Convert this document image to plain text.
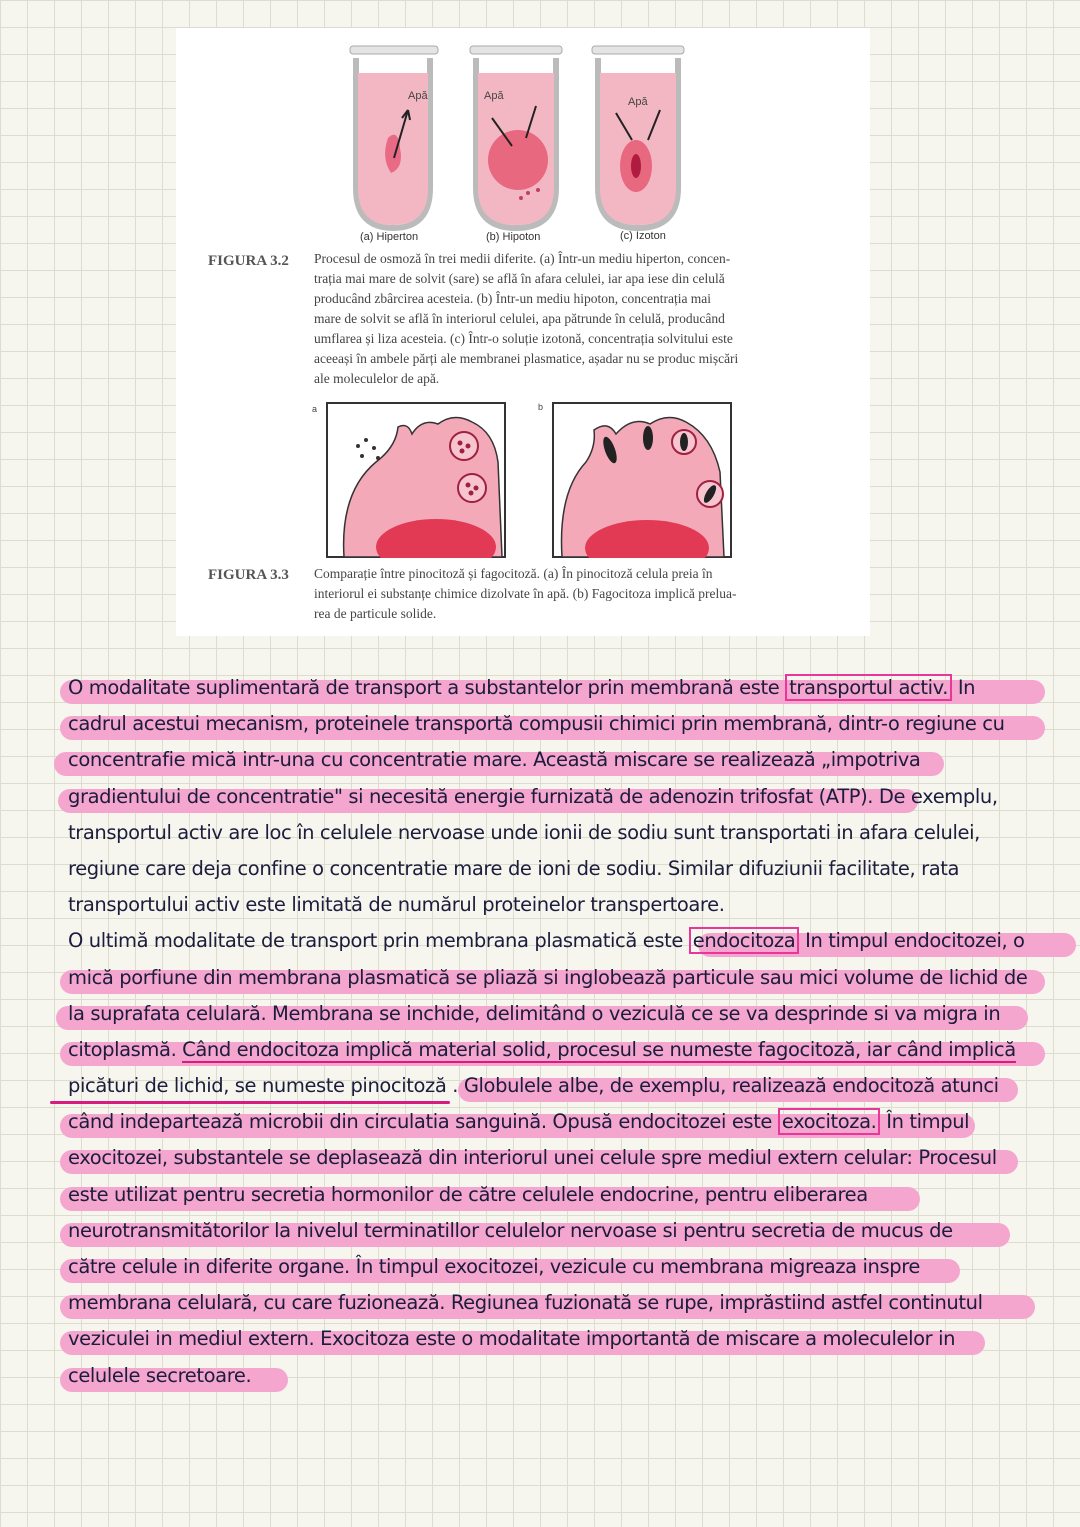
Apă	Apă	Apă
(a) Hiperton	(b) Hipoton	(c) Izoton
FIGURA 3.2 Procesul de osmoză în trei medii diferite. (a) Într-un mediu hiperton, concen-
trația mai mare de solvit (sare) se află în afara celulei, iar apa iese din celulă
producând zbârcirea acesteia. (b) Într-un mediu hipoton, concentrația mai
mare de solvit se află în interiorul celulei, apa pătrunde în celulă, producând
umflarea și liza acesteia. (c) Într-o soluție izotonă, concentrația solvitului este
aceeași în ambele părți ale membranei plasmatice, așadar nu se produc mișcări
ale moleculelor de apă.
a	b
FIGURA 3.3 Comparație între pinocitoză și fagocitoză. (a) În pinocitoză celula preia în
interiorul ei substanțe chimice dizolvate în apă. (b) Fagocitoza implică prelua-
rea de particule solide.
O modalitate suplimentară de transport a substantelor prin membrană este transportul activ. In
cadrul acestui mecanism, proteinele transportă compusii chimici prin membrană, dintr-o regiune cu
concentrafie mică intr-una cu concentratie mare. Această miscare se realizează „impotriva
gradientului de concentratie" si necesită energie furnizată de adenozin trifosfat (ATP). De exemplu,
transportul activ are loc în celulele nervoase unde ionii de sodiu sunt transportati in afara celulei,
regiune care deja confine o concentratie mare de ioni de sodiu. Similar difuziunii facilitate, rata
transportului activ este limitată de numărul proteinelor transpertoare.
O ultimă modalitate de transport prin membrana plasmatică este endocitoza
In timpul endocitozei, o
mică porfiune din membrana plasmatică se pliază si inglobează particule sau mici volume de lichid de
la suprafata celulară. Membrana se inchide, delimitând o veziculă ce se va desprinde si va migra in
citoplasmă. Când endocitoza implică material solid, procesul se numeste fagocitoză, iar când implică
picături de lichid, se numeste pinocitoză . Globulele albe, de exemplu, realizează endocitoză atunci
când indepartează microbii din circulatia sanguină. Opusă endocitozei este exocitoza. În timpul
exocitozei, substantele se deplasează din interiorul unei celule spre mediul extern celular: Procesul
este utilizat pentru secretia hormonilor de către celulele endocrine, pentru eliberarea
neurotransmitătorilor la nivelul terminatillor celulelor nervoase si pentru secretia de mucus de
către celule in diferite organe. În timpul exocitozei, vezicule cu membrana migreaza inspre
membrana celulară, cu care fuzionează. Regiunea fuzionată se rupe, imprăstiind astfel continutul
veziculei in mediul extern. Exocitoza este o modalitate importantă de miscare a moleculelor in
celulele secretoare.
